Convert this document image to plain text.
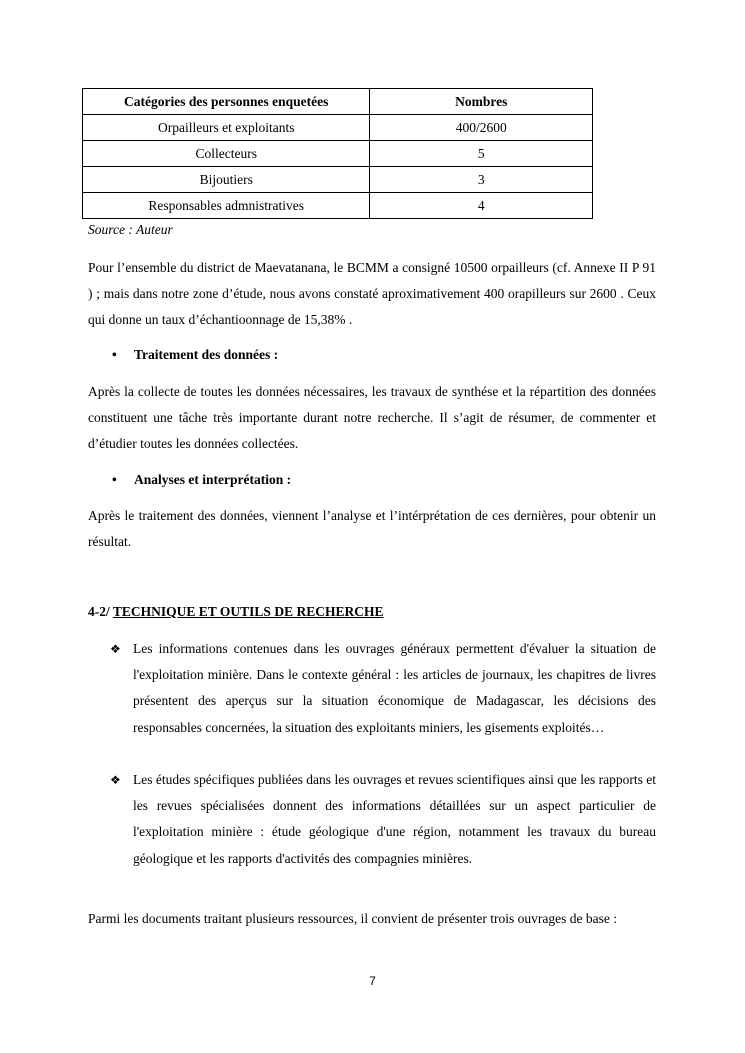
Catégories des personnes enquetées	Nombres
Orpailleurs et exploitants	400/2600
Collecteurs	5
Bijoutiers	3
Responsables admnistratives	4
Source : Auteur

Pour l’ensemble du district de Maevatanana, le BCMM a consigné 10500 orpailleurs (cf. Annexe II P 91 ) ; mais dans notre zone d’étude, nous avons constaté aproximativement 400 orapilleurs sur 2600 . Ceux qui donne un taux d’échantioonnage de 15,38% .

• Traitement des données :

Après la collecte de toutes les données nécessaires, les travaux de synthése et la répartition des données constituent une tâche très importante durant notre recherche. Il s’agit de résumer, de commenter et d’étudier toutes les données collectées.

• Analyses et interprétation :

Après le traitement des données, viennent l’analyse et l’intérprétation de ces dernières, pour obtenir un résultat.

4-2/ TECHNIQUE ET OUTILS DE RECHERCHE
❖ Les informations contenues dans les ouvrages généraux permettent d'évaluer la situation de l'exploitation minière. Dans le contexte général : les articles de journaux, les chapitres de livres présentent des aperçus sur la situation économique de Madagascar, les décisions des responsables concernées, la situation des exploitants miniers, les gisements exploités…
❖ Les études spécifiques publiées dans les ouvrages et revues scientifiques ainsi que les rapports et les revues spécialisées donnent des informations détaillées sur un aspect particulier de l'exploitation minière : étude géologique d'une région, notamment les travaux du bureau géologique et les rapports d'activités des compagnies minières.

Parmi les documents traitant plusieurs ressources, il convient de présenter trois ouvrages de base :

7
